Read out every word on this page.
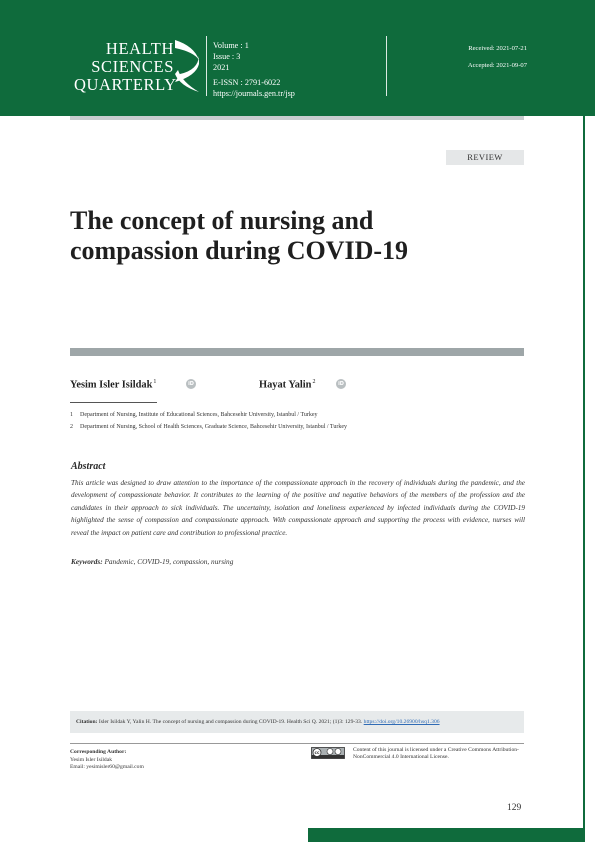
HEALTH
SCIENCES
QUARTERLY
Volume : 1
Issue : 3
2021
E-ISSN : 2791-6022
https://journals.gen.tr/jsp
Received: 2021-07-21
Accepted: 2021-09-07
REVIEW
The concept of nursing and compassion during COVID-19
Yesim Isler Isildak$^1$	iD	Hayat Yalin$^2$	iD
1 Department of Nursing, Institute of Educational Sciences, Bahcesehir University, Istanbul / Turkey
2 Department of Nursing, School of Health Sciences, Graduate Science, Bahcesehir University, Istanbul / Turkey
Abstract

This article was designed to draw attention to the importance of the compassionate approach in the recovery of individuals during the pandemic, and the development of compassionate behavior. It contributes to the learning of the positive and negative behaviors of the members of the profession and the candidates in their approach to sick individuals. The uncertainty, isolation and loneliness experienced by infected individuals during the COVID-19 highlighted the sense of compassion and compassionate approach. With compassionate approach and supporting the process with evidence, nurses will reveal the impact on patient care and contribution to professional practice.

Keywords: Pandemic, COVID-19, compassion, nursing
Citation: Isler Isildak Y, Yalin H. The concept of nursing and compassion during COVID-19. Health Sci Q. 2021; (1)3: 129-33. https://doi.org/10.26900/hsq1.306
Corresponding Author:
Yesim Isler Isildak
Email: yesimisler60@gmail.com
cc	Content of this journal is licensed under a Creative Commons Attribution-NonCommercial 4.0 International License.
129
